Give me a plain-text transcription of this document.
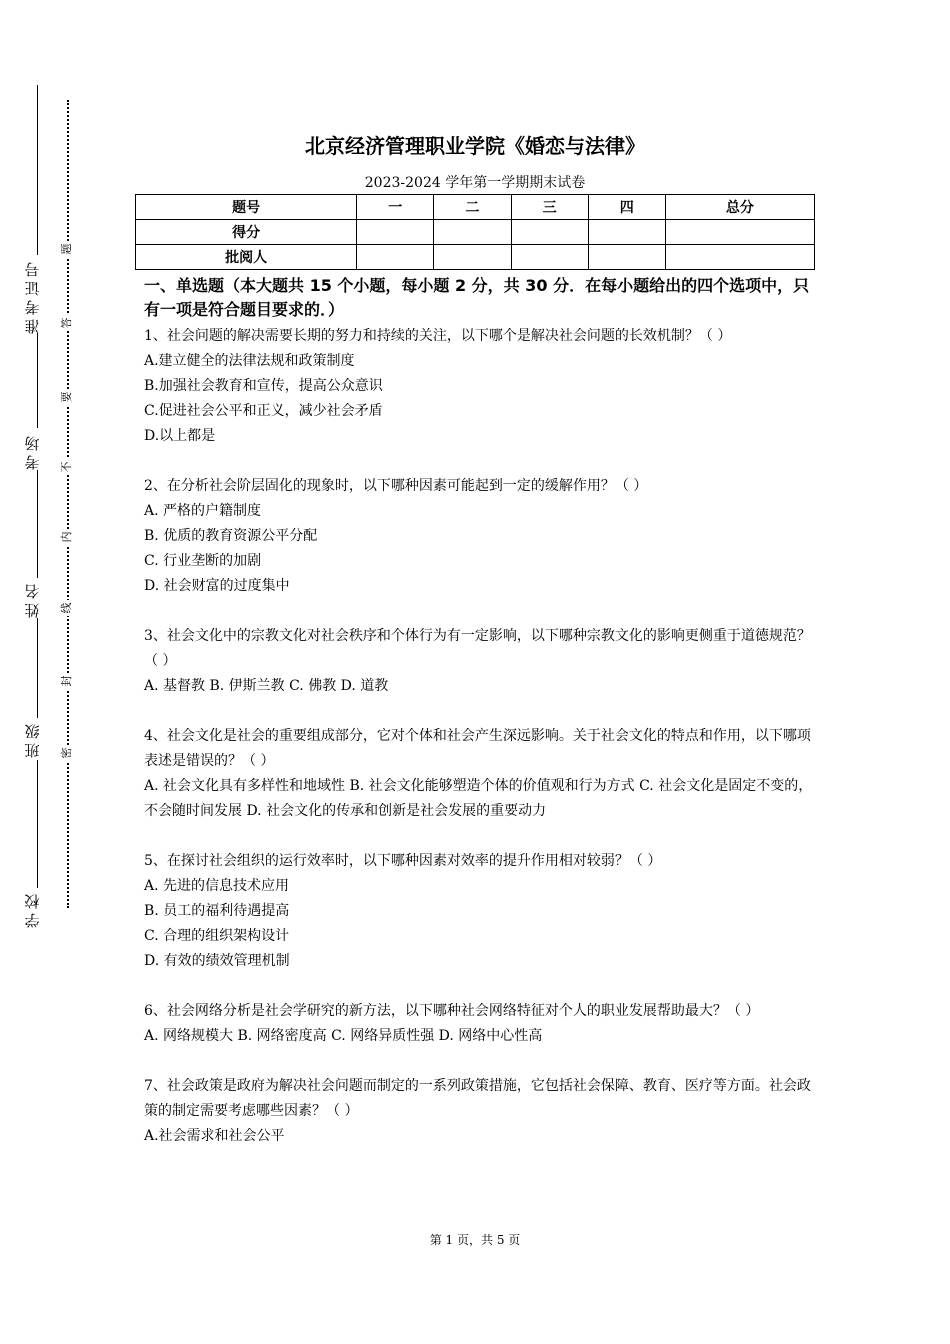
准考证号
考场
姓名
班级
学校
题
答
要
不
内
线
封
密
北京经济管理职业学院《婚恋与法律》
2023-2024 学年第一学期期末试卷
题号	一	二	三	四	总分
得分					
批阅人					
一、单选题（本大题共 15 个小题，每小题 2 分，共 30 分．在每小题给出的四个选项中，只有一项是符合题目要求的．）

1、社会问题的解决需要长期的努力和持续的关注，以下哪个是解决社会问题的长效机制？（ ）

A.建立健全的法律法规和政策制度

B.加强社会教育和宣传，提高公众意识

C.促进社会公平和正义，减少社会矛盾

D.以上都是

2、在分析社会阶层固化的现象时，以下哪种因素可能起到一定的缓解作用？（ ）

A. 严格的户籍制度

B. 优质的教育资源公平分配

C. 行业垄断的加剧

D. 社会财富的过度集中

3、社会文化中的宗教文化对社会秩序和个体行为有一定影响，以下哪种宗教文化的影响更侧重于道德规范？（ ）

A. 基督教 B. 伊斯兰教 C. 佛教 D. 道教

4、社会文化是社会的重要组成部分，它对个体和社会产生深远影响。关于社会文化的特点和作用，以下哪项表述是错误的？（ ）

A. 社会文化具有多样性和地域性 B. 社会文化能够塑造个体的价值观和行为方式 C. 社会文化是固定不变的，不会随时间发展 D. 社会文化的传承和创新是社会发展的重要动力

5、在探讨社会组织的运行效率时，以下哪种因素对效率的提升作用相对较弱？（ ）

A. 先进的信息技术应用

B. 员工的福利待遇提高

C. 合理的组织架构设计

D. 有效的绩效管理机制

6、社会网络分析是社会学研究的新方法，以下哪种社会网络特征对个人的职业发展帮助最大？（ ）

A. 网络规模大 B. 网络密度高 C. 网络异质性强 D. 网络中心性高

7、社会政策是政府为解决社会问题而制定的一系列政策措施，它包括社会保障、教育、医疗等方面。社会政策的制定需要考虑哪些因素？（ ）

A.社会需求和社会公平

第 1 页，共 5 页
